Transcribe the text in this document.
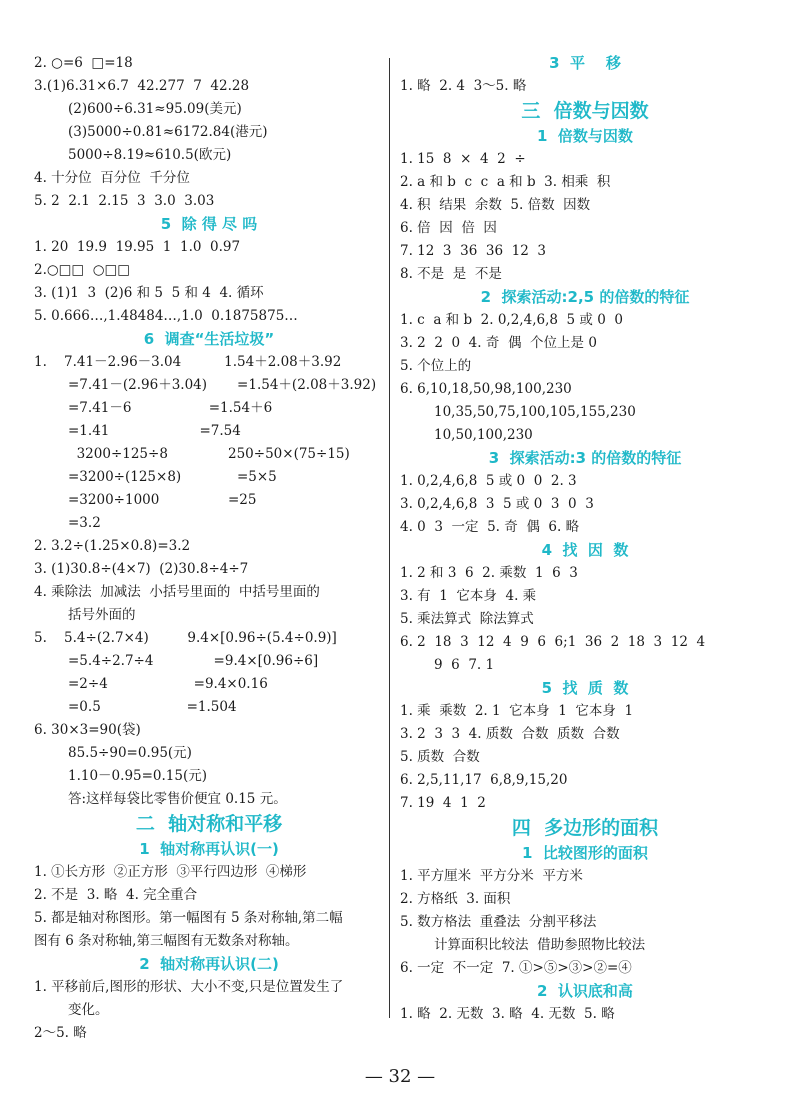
2. ○=6  □=18
3.(1)6.31×6.7  42.277  7  42.28
(2)600÷6.31≈95.09(美元)
(3)5000÷0.81≈6172.84(港元)
5000÷8.19≈610.5(欧元)
4. 十分位  百分位  千分位
5. 2  2.1  2.15  3  3.0  3.03
5  除 得 尽 吗
1. 20  19.9  19.95  1  1.0  0.97
2.○□□  ○□□
3. (1)1  3  (2)6 和 5  5 和 4  4. 循环
5. 0.666…,1.48484…,1.0  0.1875875…
6  调查“生活垃圾”
1.    7.41－2.96－3.04          1.54＋2.08＋3.92
=7.41－(2.96＋3.04)       =1.54＋(2.08＋3.92)
=7.41－6                  =1.54＋6
=1.41                     =7.54
3200÷125÷8              250÷50×(75÷15)
=3200÷(125×8)             =5×5
=3200÷1000                =25
=3.2
2. 3.2÷(1.25×0.8)=3.2
3. (1)30.8÷(4×7)  (2)30.8÷4÷7
4. 乘除法  加减法  小括号里面的  中括号里面的
括号外面的
5.    5.4÷(2.7×4)         9.4×[0.96÷(5.4÷0.9)]
=5.4÷2.7÷4              =9.4×[0.96÷6]
=2÷4                    =9.4×0.16
=0.5                    =1.504
6. 30×3=90(袋)
85.5÷90=0.95(元)
1.10－0.95=0.15(元)
答:这样每袋比零售价便宜 0.15 元。
二  轴对称和平移
1  轴对称再认识(一)
1. ①长方形  ②正方形  ③平行四边形  ④梯形
2. 不是  3. 略  4. 完全重合
5. 都是轴对称图形。第一幅图有 5 条对称轴,第二幅
图有 6 条对称轴,第三幅图有无数条对称轴。
2  轴对称再认识(二)
1. 平移前后,图形的形状、大小不变,只是位置发生了
变化。
2～5. 略
3  平    移
1. 略  2. 4  3～5. 略
三  倍数与因数
1  倍数与因数
1. 15  8  ×  4  2  ÷
2. a 和 b  c  c  a 和 b  3. 相乘  积
4. 积  结果  余数  5. 倍数  因数
6. 倍  因  倍  因
7. 12  3  36  36  12  3
8. 不是  是  不是
2  探索活动:2,5 的倍数的特征
1. c  a 和 b  2. 0,2,4,6,8  5 或 0  0
3. 2  2  0  4. 奇  偶  个位上是 0
5. 个位上的
6. 6,10,18,50,98,100,230
10,35,50,75,100,105,155,230
10,50,100,230
3  探索活动:3 的倍数的特征
1. 0,2,4,6,8  5 或 0  0  2. 3
3. 0,2,4,6,8  3  5 或 0  3  0  3
4. 0  3  一定  5. 奇  偶  6. 略
4  找  因  数
1. 2 和 3  6  2. 乘数  1  6  3
3. 有  1  它本身  4. 乘
5. 乘法算式  除法算式
6. 2  18  3  12  4  9  6  6;1  36  2  18  3  12  4
9  6  7. 1
5  找  质  数
1. 乘  乘数  2. 1  它本身  1  它本身  1
3. 2  3  3  4. 质数  合数  质数  合数
5. 质数  合数
6. 2,5,11,17  6,8,9,15,20
7. 19  4  1  2
四  多边形的面积
1  比较图形的面积
1. 平方厘米  平方分米  平方米
2. 方格纸  3. 面积
5. 数方格法  重叠法  分割平移法
计算面积比较法  借助参照物比较法
6. 一定  不一定  7. ①>⑤>③>②=④
2  认识底和高
1. 略  2. 无数  3. 略  4. 无数  5. 略
— 32 —
